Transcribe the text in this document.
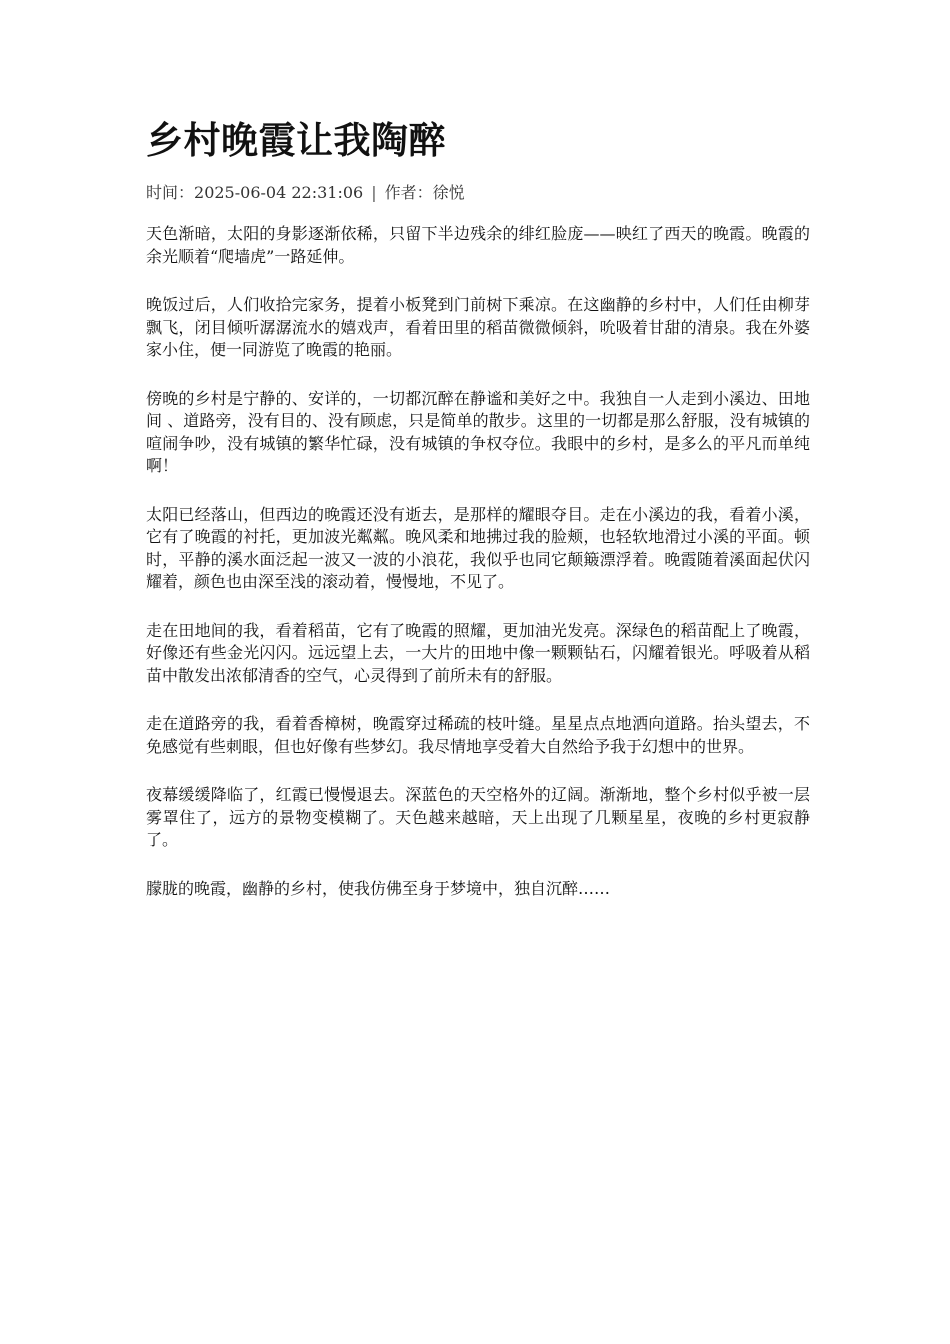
乡村晚霞让我陶醉
时间：2025-06-04 22:31:06 | 作者：徐悦

天色渐暗，太阳的身影逐渐依稀，只留下半边残余的绯红脸庞——映红了西天的晚霞。晚霞的余光顺着“爬墙虎”一路延伸。

晚饭过后，人们收拾完家务，提着小板凳到门前树下乘凉。在这幽静的乡村中，人们任由柳芽飘飞，闭目倾听潺潺流水的嬉戏声，看着田里的稻苗微微倾斜，吮吸着甘甜的清泉。我在外婆家小住，便一同游览了晚霞的艳丽。

傍晚的乡村是宁静的、安详的，一切都沉醉在静谧和美好之中。我独自一人走到小溪边、田地间 、道路旁，没有目的、没有顾虑，只是简单的散步。这里的一切都是那么舒服，没有城镇的喧闹争吵，没有城镇的繁华忙碌，没有城镇的争权夺位。我眼中的乡村，是多么的平凡而单纯啊！

太阳已经落山，但西边的晚霞还没有逝去，是那样的耀眼夺目。走在小溪边的我，看着小溪，它有了晚霞的衬托，更加波光粼粼。晚风柔和地拂过我的脸颊，也轻软地滑过小溪的平面。顿时，平静的溪水面泛起一波又一波的小浪花，我似乎也同它颠簸漂浮着。晚霞随着溪面起伏闪耀着，颜色也由深至浅的滚动着，慢慢地，不见了。

走在田地间的我，看着稻苗，它有了晚霞的照耀，更加油光发亮。深绿色的稻苗配上了晚霞，好像还有些金光闪闪。远远望上去，一大片的田地中像一颗颗钻石，闪耀着银光。呼吸着从稻苗中散发出浓郁清香的空气，心灵得到了前所未有的舒服。

走在道路旁的我，看着香樟树，晚霞穿过稀疏的枝叶缝。星星点点地洒向道路。抬头望去，不免感觉有些刺眼，但也好像有些梦幻。我尽情地享受着大自然给予我于幻想中的世界。

夜幕缓缓降临了，红霞已慢慢退去。深蓝色的天空格外的辽阔。渐渐地，整个乡村似乎被一层雾罩住了，远方的景物变模糊了。天色越来越暗，天上出现了几颗星星，夜晚的乡村更寂静了。

朦胧的晚霞，幽静的乡村，使我仿佛至身于梦境中，独自沉醉……
